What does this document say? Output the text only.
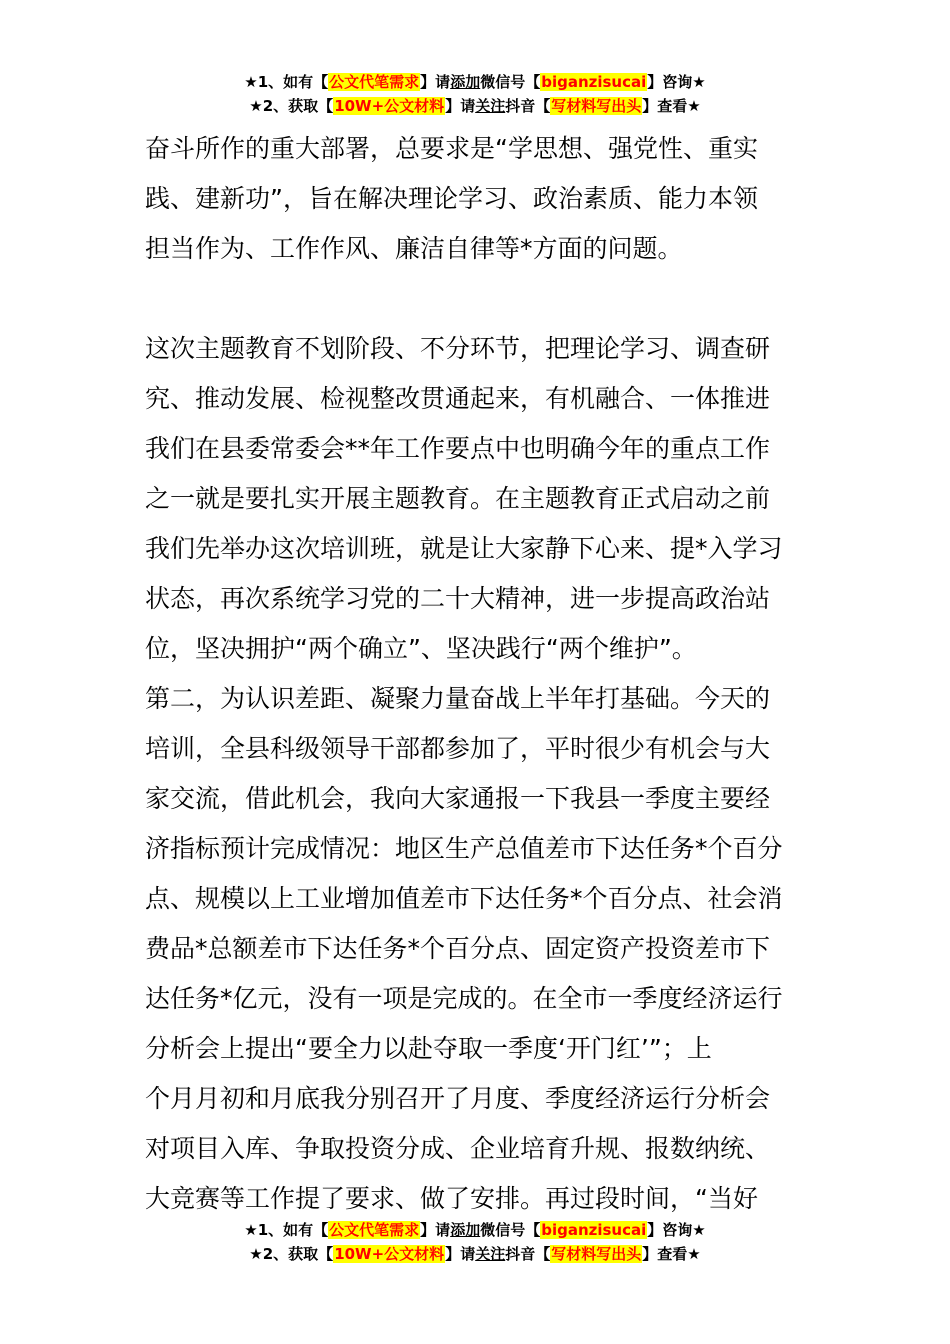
★1、如有【公文代笔需求】请添加微信号【biganzisucai】咨询★
★2、获取【10W+公文材料】请关注抖音【写材料写出头】查看★
奋斗所作的重大部署，总要求是“学思想、强党性、重实
践、建新功”，旨在解决理论学习、政治素质、能力本领
担当作为、工作作风、廉洁自律等*方面的问题。
这次主题教育不划阶段、不分环节，把理论学习、调查研
究、推动发展、检视整改贯通起来，有机融合、一体推进
我们在县委常委会**年工作要点中也明确今年的重点工作
之一就是要扎实开展主题教育。在主题教育正式启动之前
我们先举办这次培训班，就是让大家静下心来、提*入学习
状态，再次系统学习党的二十大精神，进一步提高政治站
位，坚决拥护“两个确立”、坚决践行“两个维护”。
第二，为认识差距、凝聚力量奋战上半年打基础。今天的
培训，全县科级领导干部都参加了，平时很少有机会与大
家交流，借此机会，我向大家通报一下我县一季度主要经
济指标预计完成情况：地区生产总值差市下达任务*个百分
点、规模以上工业增加值差市下达任务*个百分点、社会消
费品*总额差市下达任务*个百分点、固定资产投资差市下
达任务*亿元，没有一项是完成的。在全市一季度经济运行
分析会上提出“要全力以赴夺取一季度‘开门红’”；上
个月月初和月底我分别召开了月度、季度经济运行分析会
对项目入库、争取投资分成、企业培育升规、报数纳统、
大竞赛等工作提了要求、做了安排。再过段时间，“当好
★1、如有【公文代笔需求】请添加微信号【biganzisucai】咨询★
★2、获取【10W+公文材料】请关注抖音【写材料写出头】查看★
